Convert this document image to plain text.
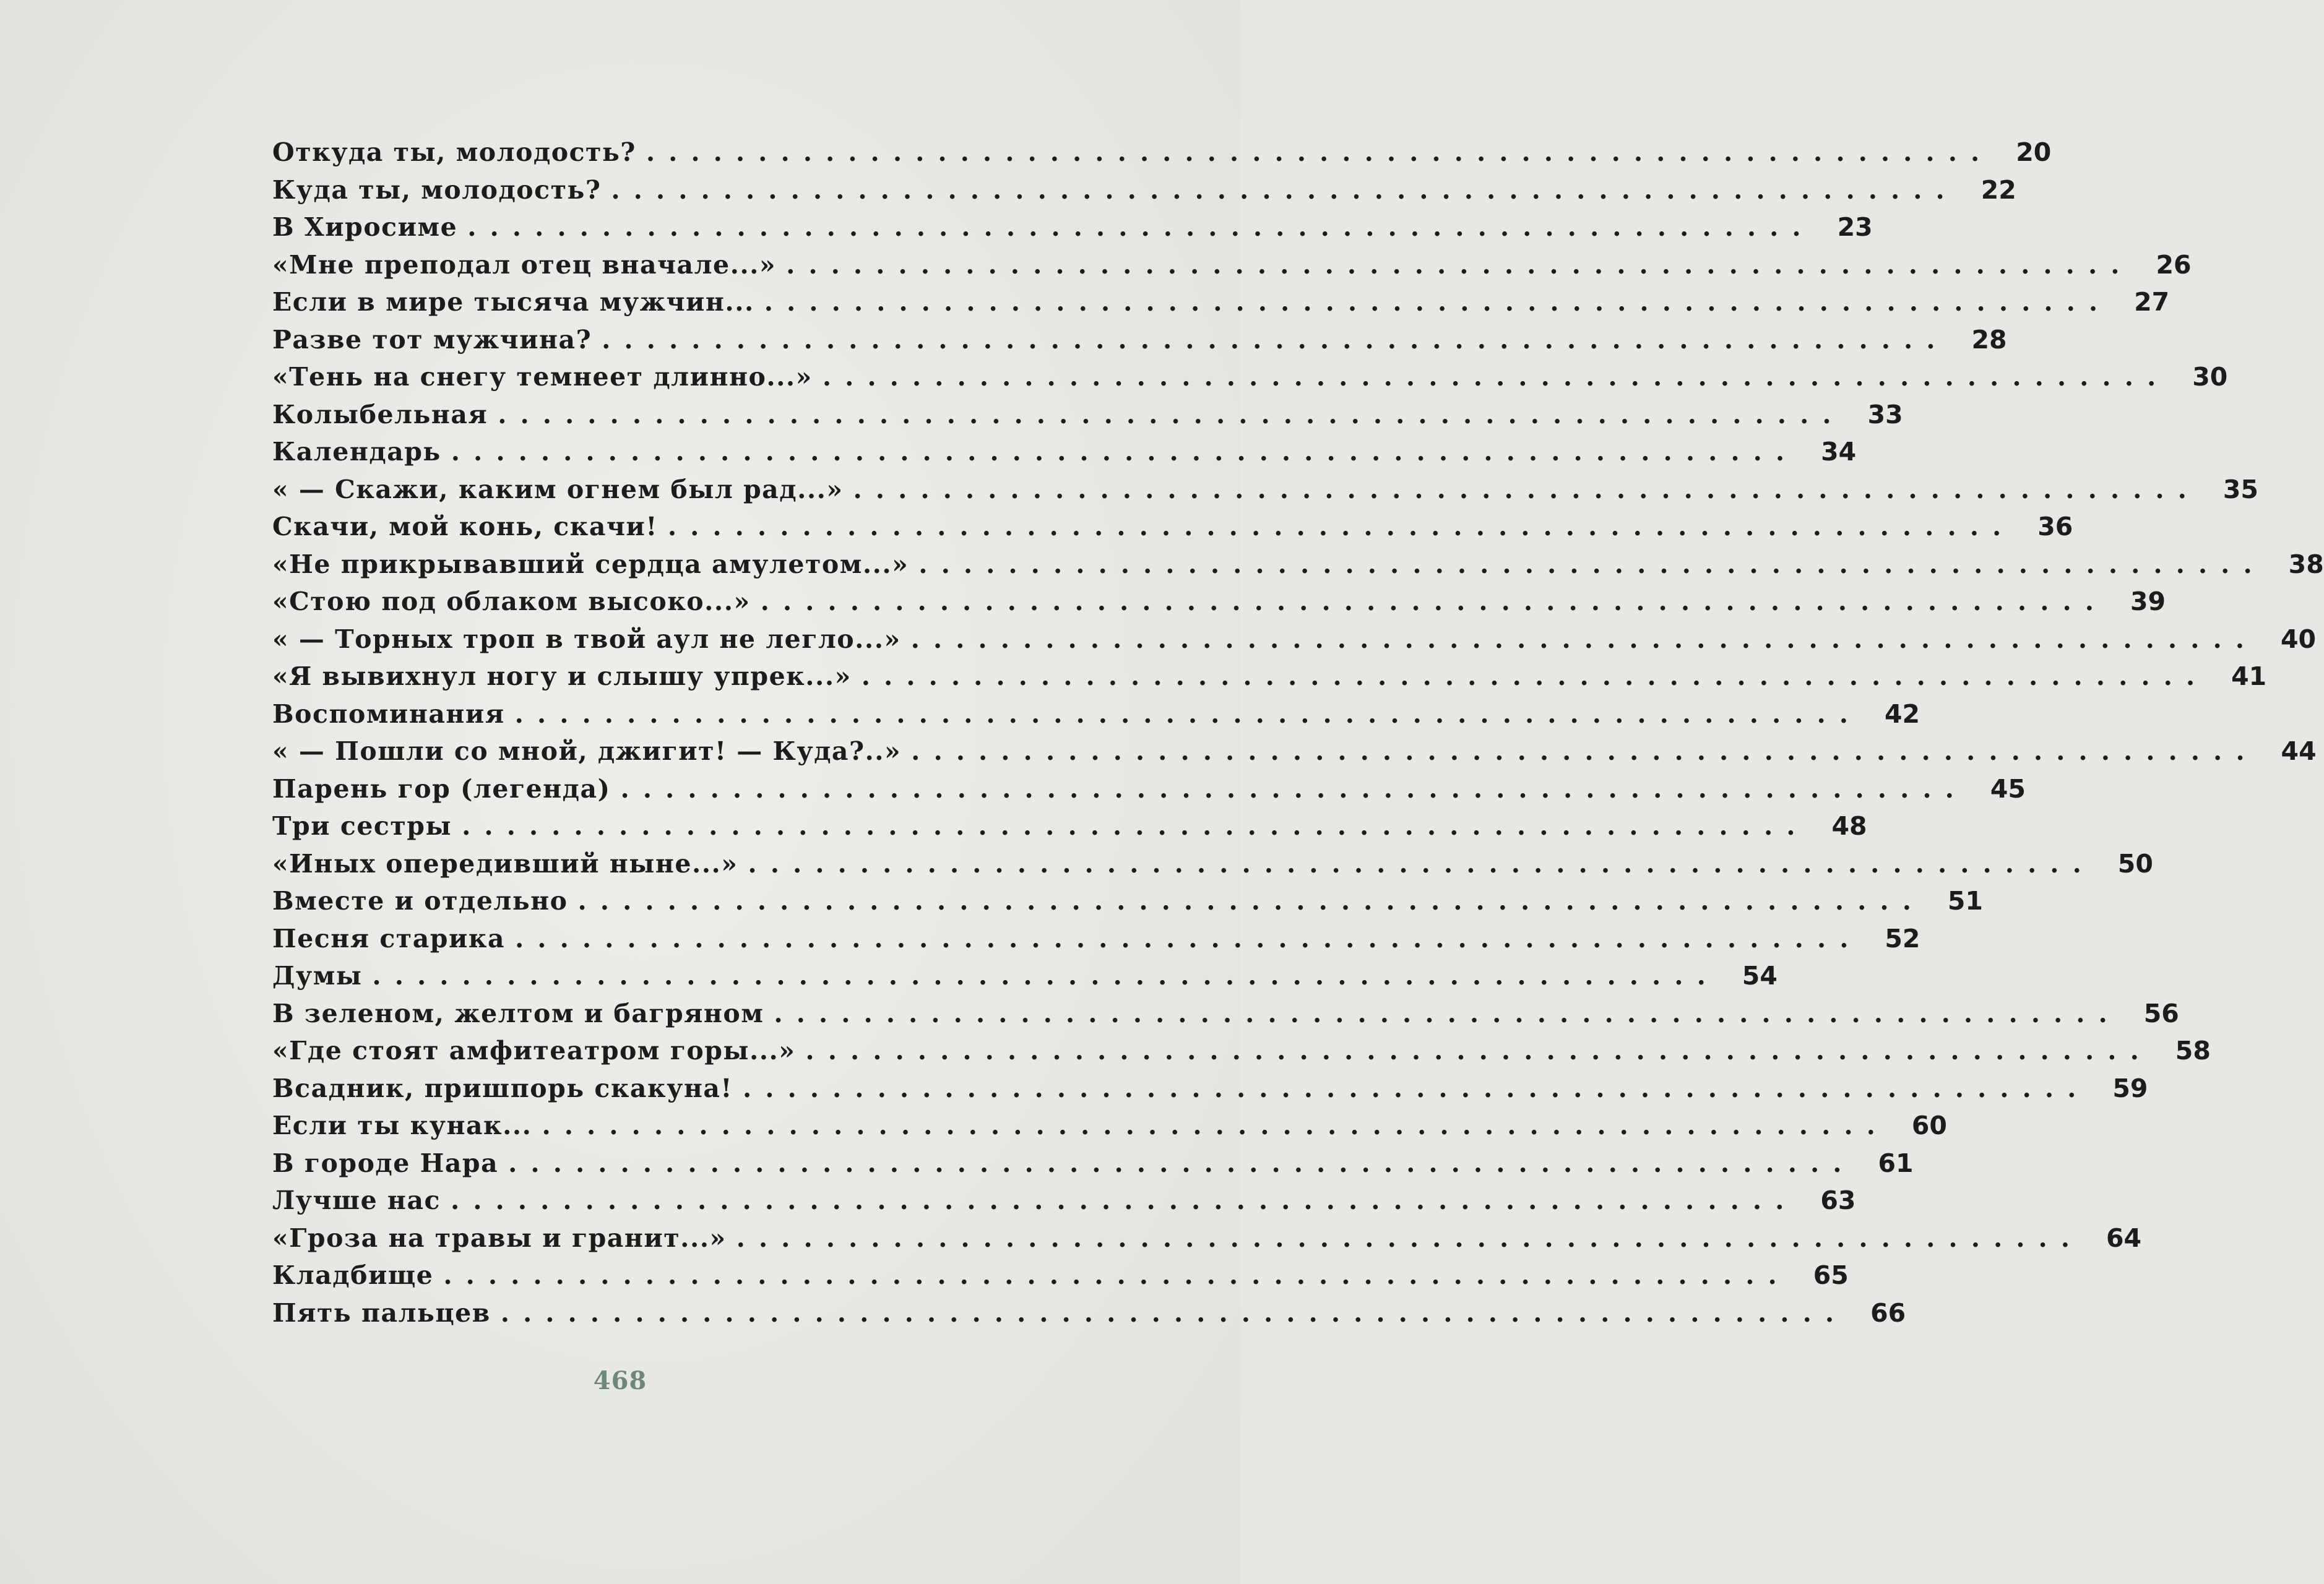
Откуда ты, молодость? ............................................................ 20
Куда ты, молодость? ............................................................ 22
В Хиросиме ............................................................ 23
«Мне преподал отец вначале...» ............................................................ 26
Если в мире тысяча мужчин... ............................................................ 27
Разве тот мужчина? ............................................................ 28
«Тень на снегу темнеет длинно...» ............................................................ 30
Колыбельная ............................................................ 33
Календарь ............................................................ 34
« — Скажи, каким огнем был рад...» ............................................................ 35
Скачи, мой конь, скачи! ............................................................ 36
«Не прикрывавший сердца амулетом...» ............................................................ 38
«Стою под облаком высоко...» ............................................................ 39
« — Торных троп в твой аул не легло...» ............................................................ 40
«Я вывихнул ногу и слышу упрек...» ............................................................ 41
Воспоминания ............................................................ 42
« — Пошли со мной, джигит! — Куда?..» ............................................................ 44
Парень гор (легенда) ............................................................ 45
Три сестры ............................................................ 48
«Иных опередивший ныне...» ............................................................ 50
Вместе и отдельно ............................................................ 51
Песня старика ............................................................ 52
Думы ............................................................ 54
В зеленом, желтом и багряном ............................................................ 56
«Где стоят амфитеатром горы...» ............................................................ 58
Всадник, пришпорь скакуна! ............................................................ 59
Если ты кунак... ............................................................ 60
В городе Нара ............................................................ 61
Лучше нас ............................................................ 63
«Гроза на травы и гранит...» ............................................................ 64
Кладбище ............................................................ 65
Пять пальцев ............................................................ 66
468
